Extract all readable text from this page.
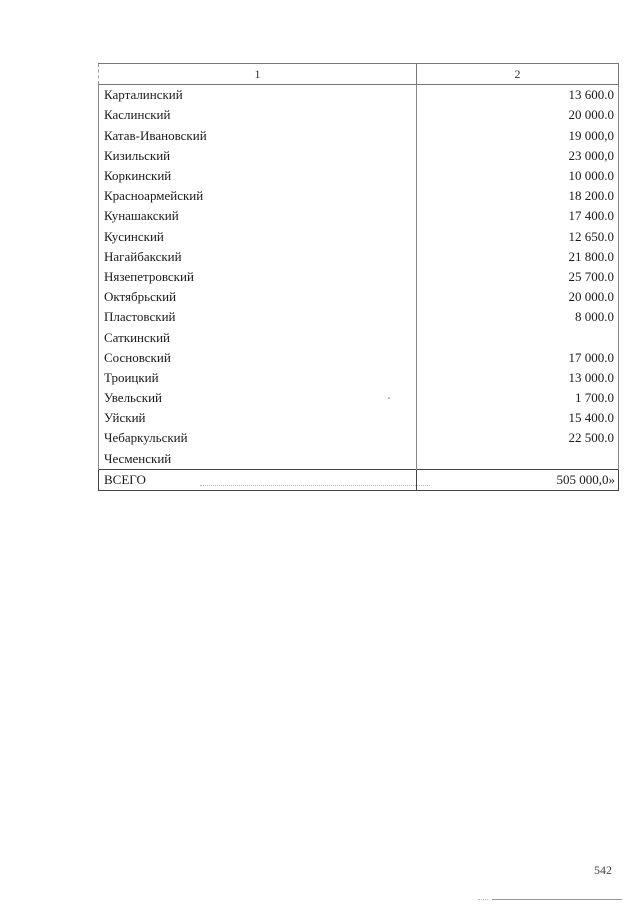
1	2
Карталинский	13 600.0
Каслинский	20 000.0
Катав-Ивановский	19 000,0
Кизильский	23 000,0
Коркинский	10 000.0
Красноармейский	18 200.0
Кунашакский	17 400.0
Кусинский	12 650.0
Нагайбакский	21 800.0
Нязепетровский	25 700.0
Октябрьский	20 000.0
Пластовский	8 000.0
Саткинский	
Сосновский	17 000.0
Троицкий	13 000.0
Увельский	1 700.0
Уйский	15 400.0
Чебаркульский	22 500.0
Чесменский	
ВСЕГО	505 000,0»
542
